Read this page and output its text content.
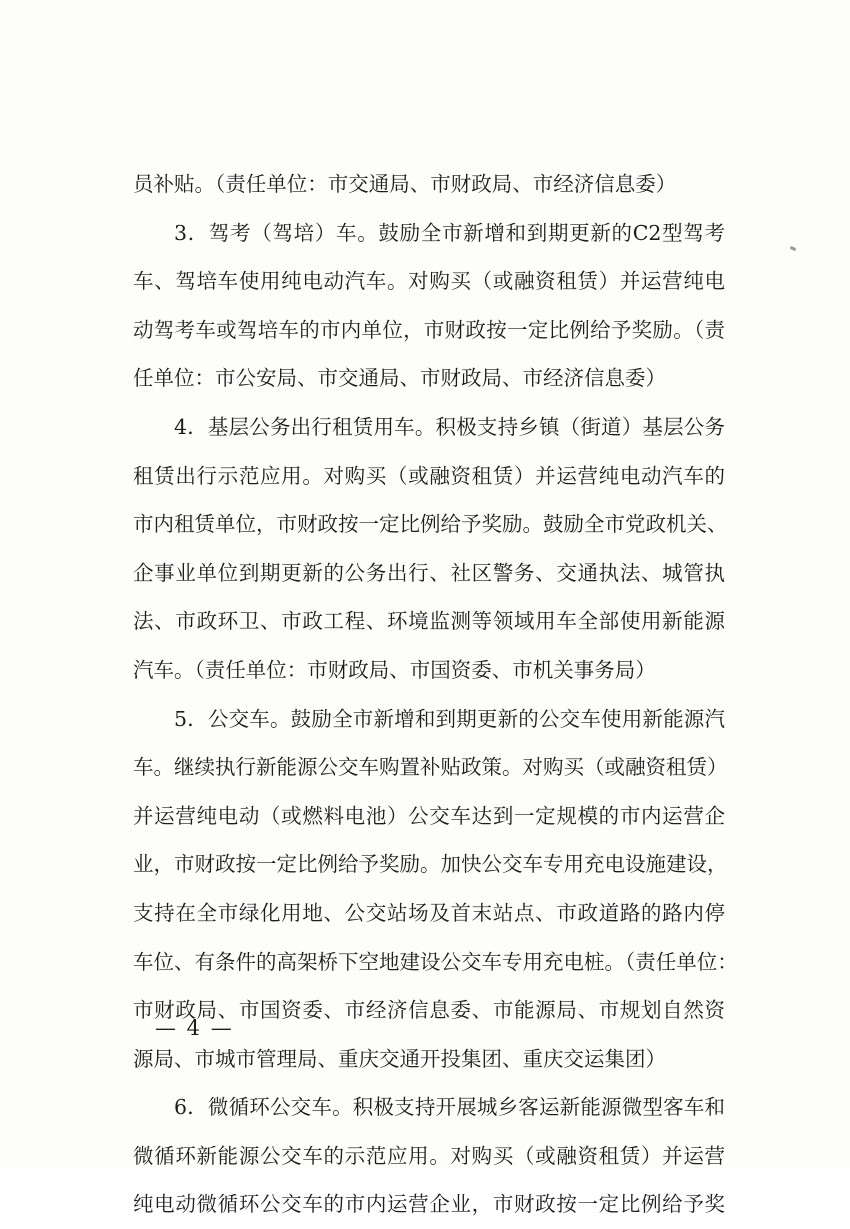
员补贴。（责任单位：市交通局、市财政局、市经济信息委）
3．驾考（驾培）车。鼓励全市新增和到期更新的C2型驾考
车、驾培车使用纯电动汽车。对购买（或融资租赁）并运营纯电
动驾考车或驾培车的市内单位，市财政按一定比例给予奖励。（责
任单位：市公安局、市交通局、市财政局、市经济信息委）
4．基层公务出行租赁用车。积极支持乡镇（街道）基层公务
租赁出行示范应用。对购买（或融资租赁）并运营纯电动汽车的
市内租赁单位，市财政按一定比例给予奖励。鼓励全市党政机关、
企事业单位到期更新的公务出行、社区警务、交通执法、城管执
法、市政环卫、市政工程、环境监测等领域用车全部使用新能源
汽车。（责任单位：市财政局、市国资委、市机关事务局）
5．公交车。鼓励全市新增和到期更新的公交车使用新能源汽
车。继续执行新能源公交车购置补贴政策。对购买（或融资租赁）
并运营纯电动（或燃料电池）公交车达到一定规模的市内运营企
业，市财政按一定比例给予奖励。加快公交车专用充电设施建设，
支持在全市绿化用地、公交站场及首末站点、市政道路的路内停
车位、有条件的高架桥下空地建设公交车专用充电桩。（责任单位：
市财政局、市国资委、市经济信息委、市能源局、市规划自然资
源局、市城市管理局、重庆交通开投集团、重庆交运集团）
6．微循环公交车。积极支持开展城乡客运新能源微型客车和
微循环新能源公交车的示范应用。对购买（或融资租赁）并运营
纯电动微循环公交车的市内运营企业，市财政按一定比例给予奖
— 4 —
